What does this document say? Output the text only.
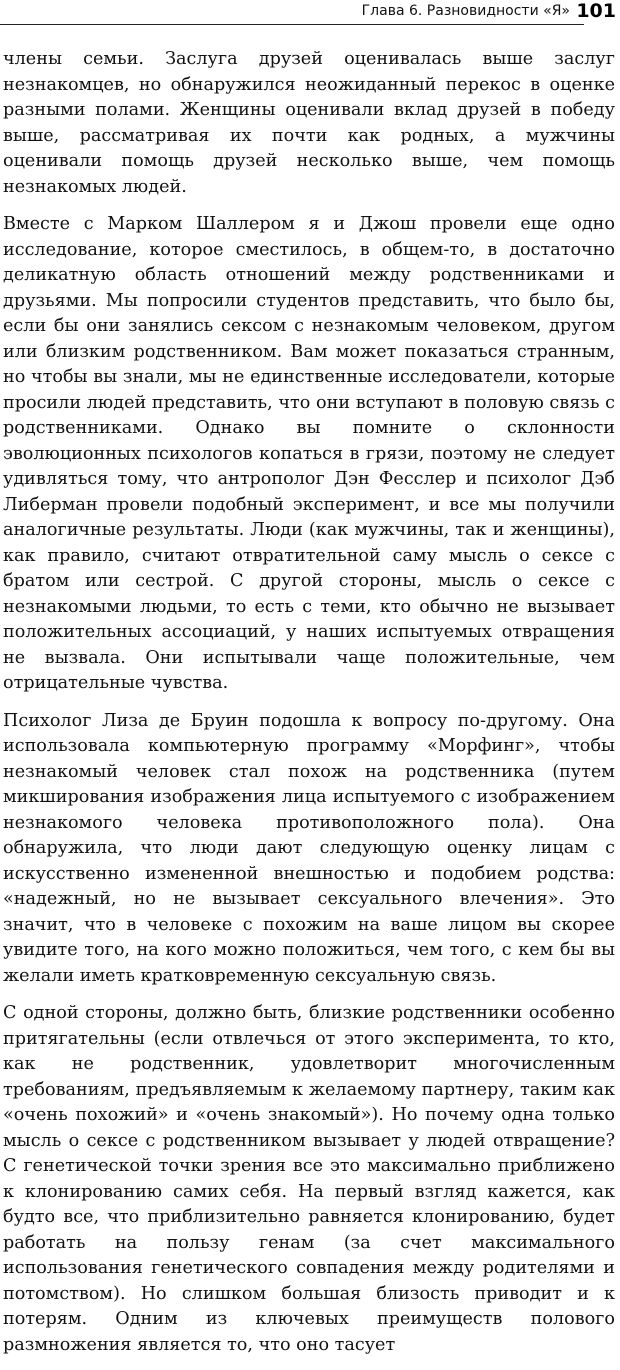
Глава 6. Разновидности «Я» 101

члены семьи. Заслуга друзей оценивалась выше заслуг незнакомцев, но обнаружился неожиданный перекос в оценке разными полами. Женщины оценивали вклад друзей в победу выше, рассматривая их почти как родных, а мужчины оценивали помощь друзей несколько выше, чем помощь незнакомых людей.

Вместе с Марком Шаллером я и Джош провели еще одно исследование, которое сместилось, в общем-то, в достаточно деликатную область отношений между родственниками и друзьями. Мы попросили студентов представить, что было бы, если бы они занялись сексом с незнакомым человеком, другом или близким родственником. Вам может показаться странным, но чтобы вы знали, мы не единственные исследователи, которые просили людей представить, что они вступают в половую связь с родственниками. Однако вы помните о склонности эволюционных психологов копаться в грязи, поэтому не следует удивляться тому, что антрополог Дэн Фесслер и психолог Дэб Либерман провели подобный эксперимент, и все мы получили аналогичные результаты. Люди (как мужчины, так и женщины), как правило, считают отвратительной саму мысль о сексе с братом или сестрой. С другой стороны, мысль о сексе с незнакомыми людьми, то есть с теми, кто обычно не вызывает положительных ассоциаций, у наших испытуемых отвращения не вызвала. Они испытывали чаще положительные, чем отрицательные чувства.

Психолог Лиза де Бруин подошла к вопросу по-другому. Она использовала компьютерную программу «Морфинг», чтобы незнакомый человек стал похож на родственника (путем микширования изображения лица испытуемого с изображением незнакомого человека противоположного пола). Она обнаружила, что люди дают следующую оценку лицам с искусственно измененной внешностью и подобием родства: «надежный, но не вызывает сексуального влечения». Это значит, что в человеке с похожим на ваше лицом вы скорее увидите того, на кого можно положиться, чем того, с кем бы вы желали иметь кратковременную сексуальную связь.

С одной стороны, должно быть, близкие родственники особенно притягательны (если отвлечься от этого эксперимента, то кто, как не родственник, удовлетворит многочисленным требованиям, предъявляемым к желаемому партнеру, таким как «очень похожий» и «очень знакомый»). Но почему одна только мысль о сексе с родственником вызывает у людей отвращение? С генетической точки зрения все это максимально приближено к клонированию самих себя. На первый взгляд кажется, как будто все, что приблизительно равняется клонированию, будет работать на пользу генам (за счет максимального использования генетического совпадения между родителями и потомством). Но слишком большая близость приводит и к потерям. Одним из ключевых преимуществ полового размножения является то, что оно тасует
